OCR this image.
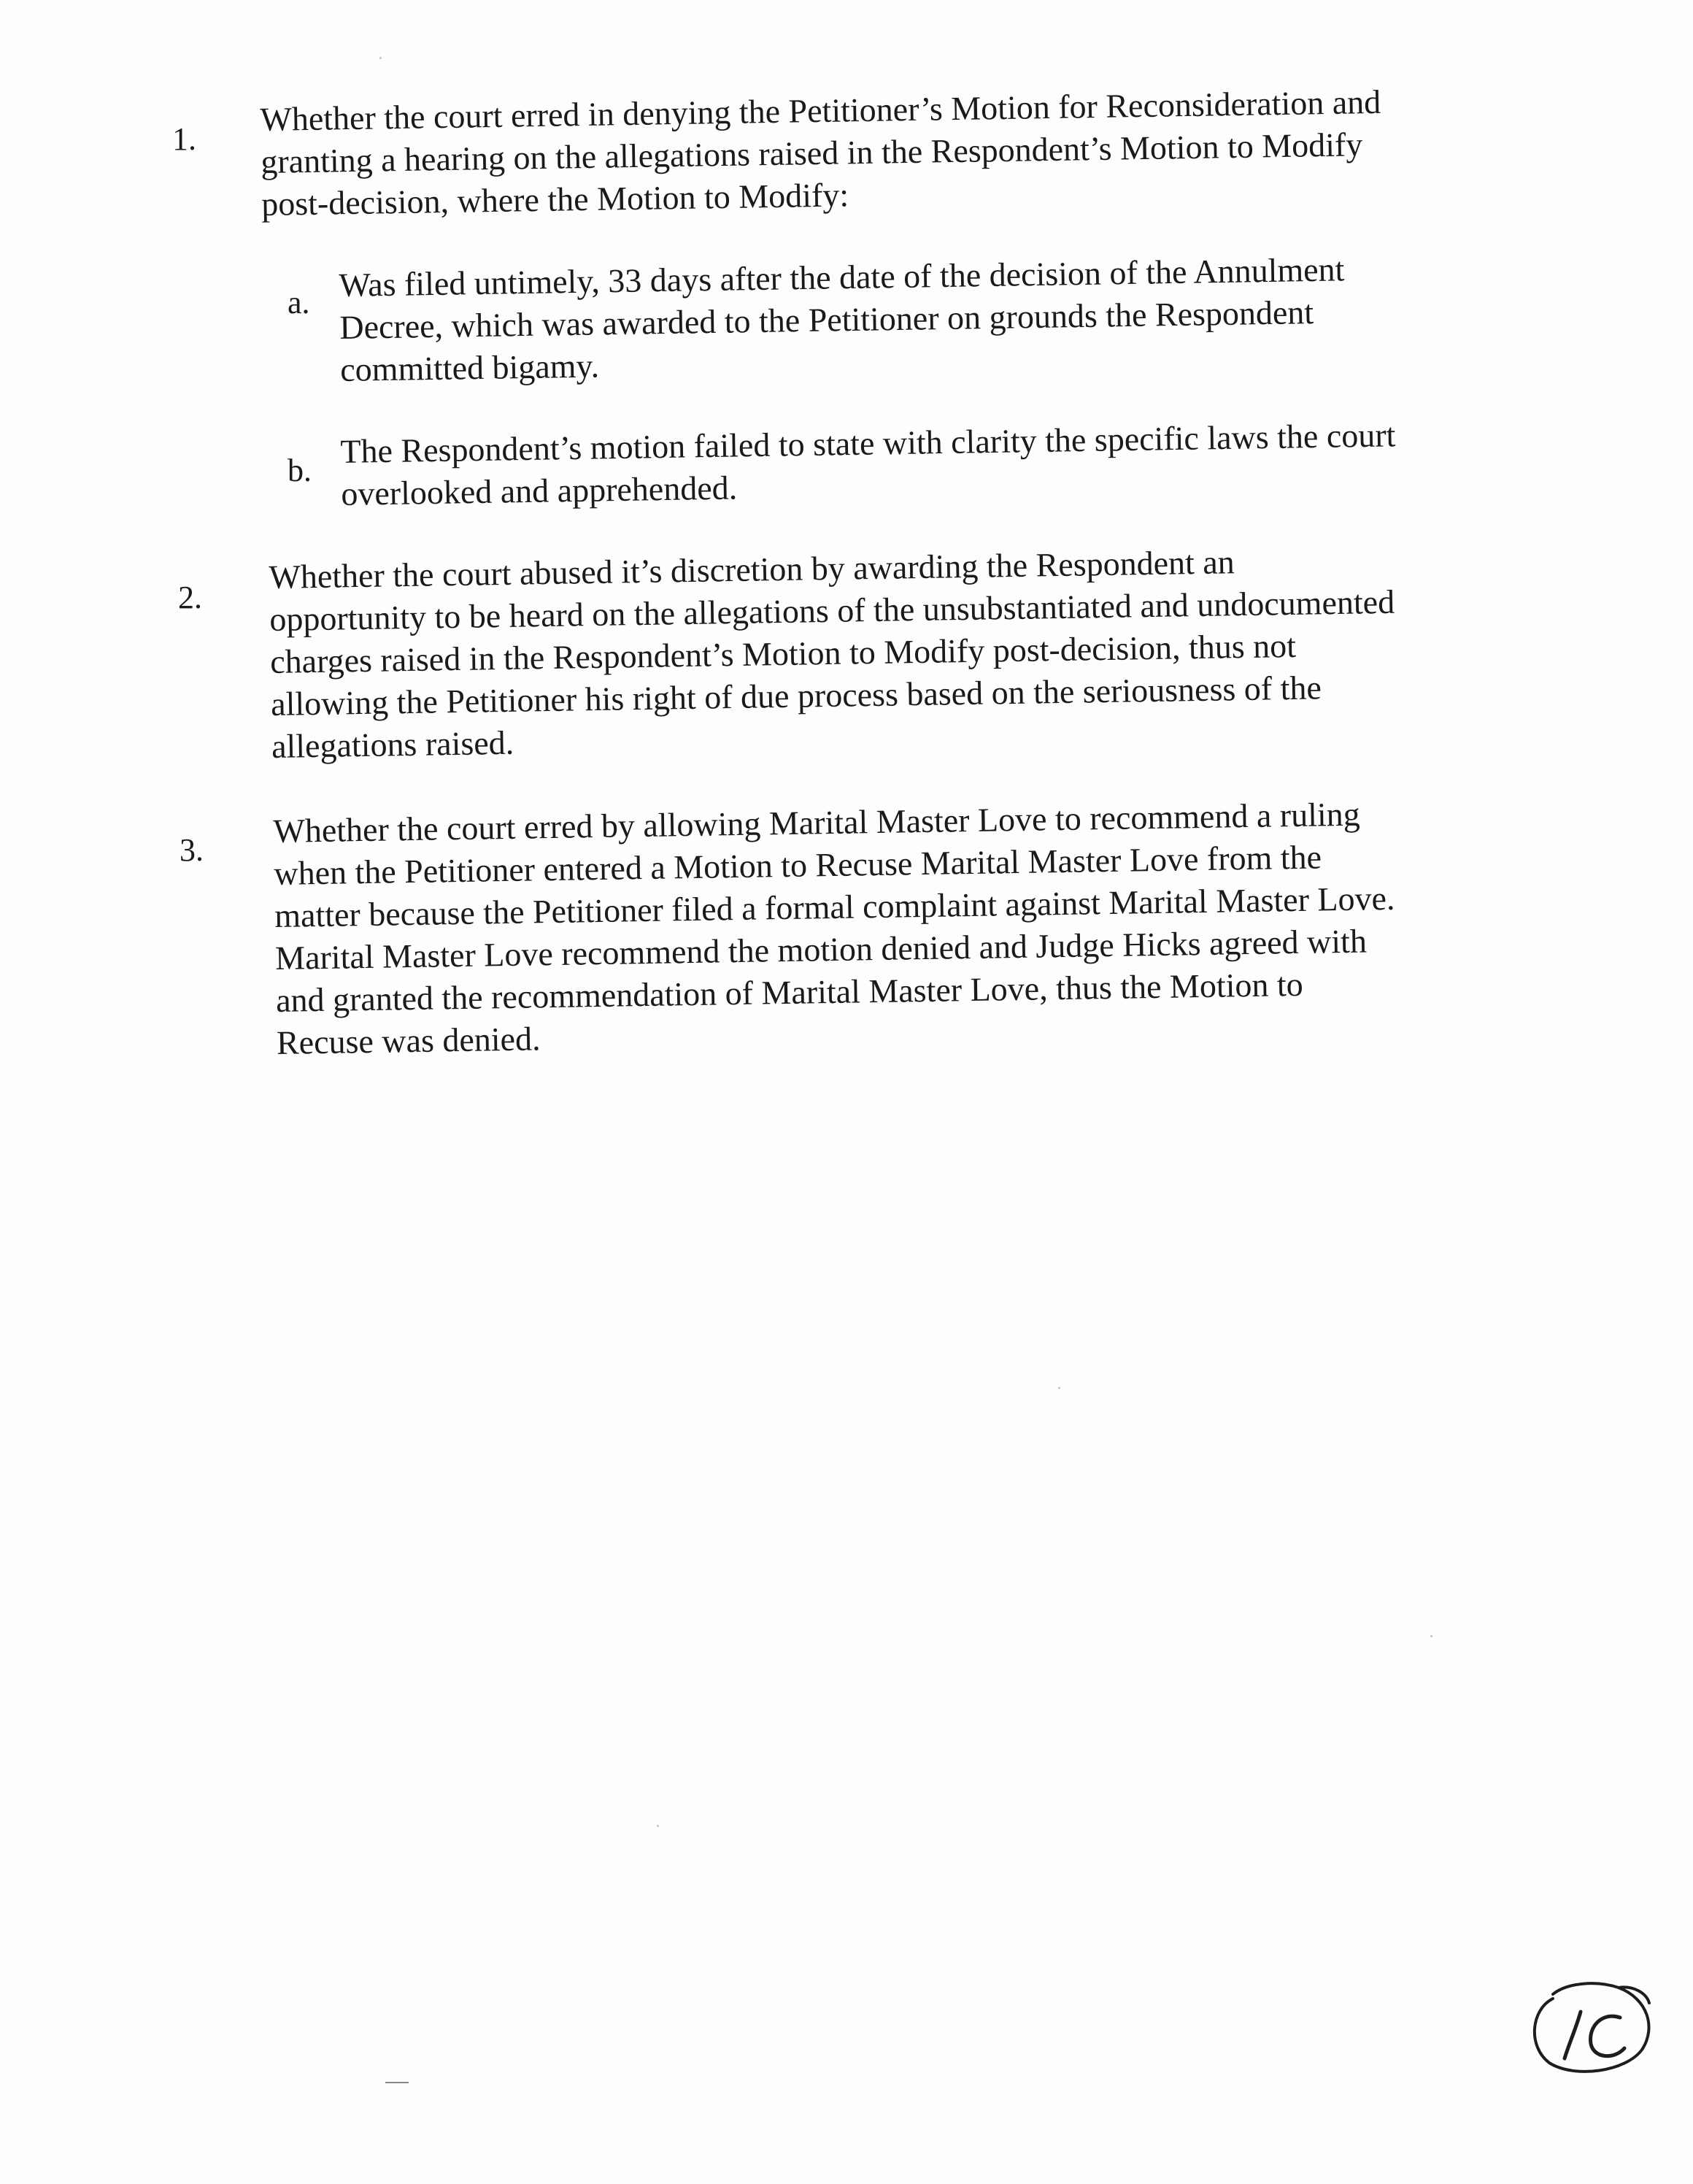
1.

Whether the court erred in denying the Petitioner’s Motion for Reconsideration and
granting a hearing on the allegations raised in the Respondent’s Motion to Modify
post-decision, where the Motion to Modify:

a. Was filed untimely, 33 days after the date of the decision of the Annulment
Decree, which was awarded to the Petitioner on grounds the Respondent
committed bigamy.

b.

The Respondent’s motion failed to state with clarity the specific laws the court
overlooked and apprehended.

2.

Whether the court abused it’s discretion by awarding the Respondent an
opportunity to be heard on the allegations of the unsubstantiated and undocumented
charges raised in the Respondent’s Motion to Modify post-decision, thus not
allowing the Petitioner his right of due process based on the seriousness of the
allegations raised.

3.

Whether the court erred by allowing Marital Master Love to recommend a ruling
when the Petitioner entered a Motion to Recuse Marital Master Love from the
matter because the Petitioner filed a formal complaint against Marital Master Love.
Marital Master Love recommend the motion denied and Judge Hicks agreed with
and granted the recommendation of Marital Master Love, thus the Motion to
Recuse was denied.

10
